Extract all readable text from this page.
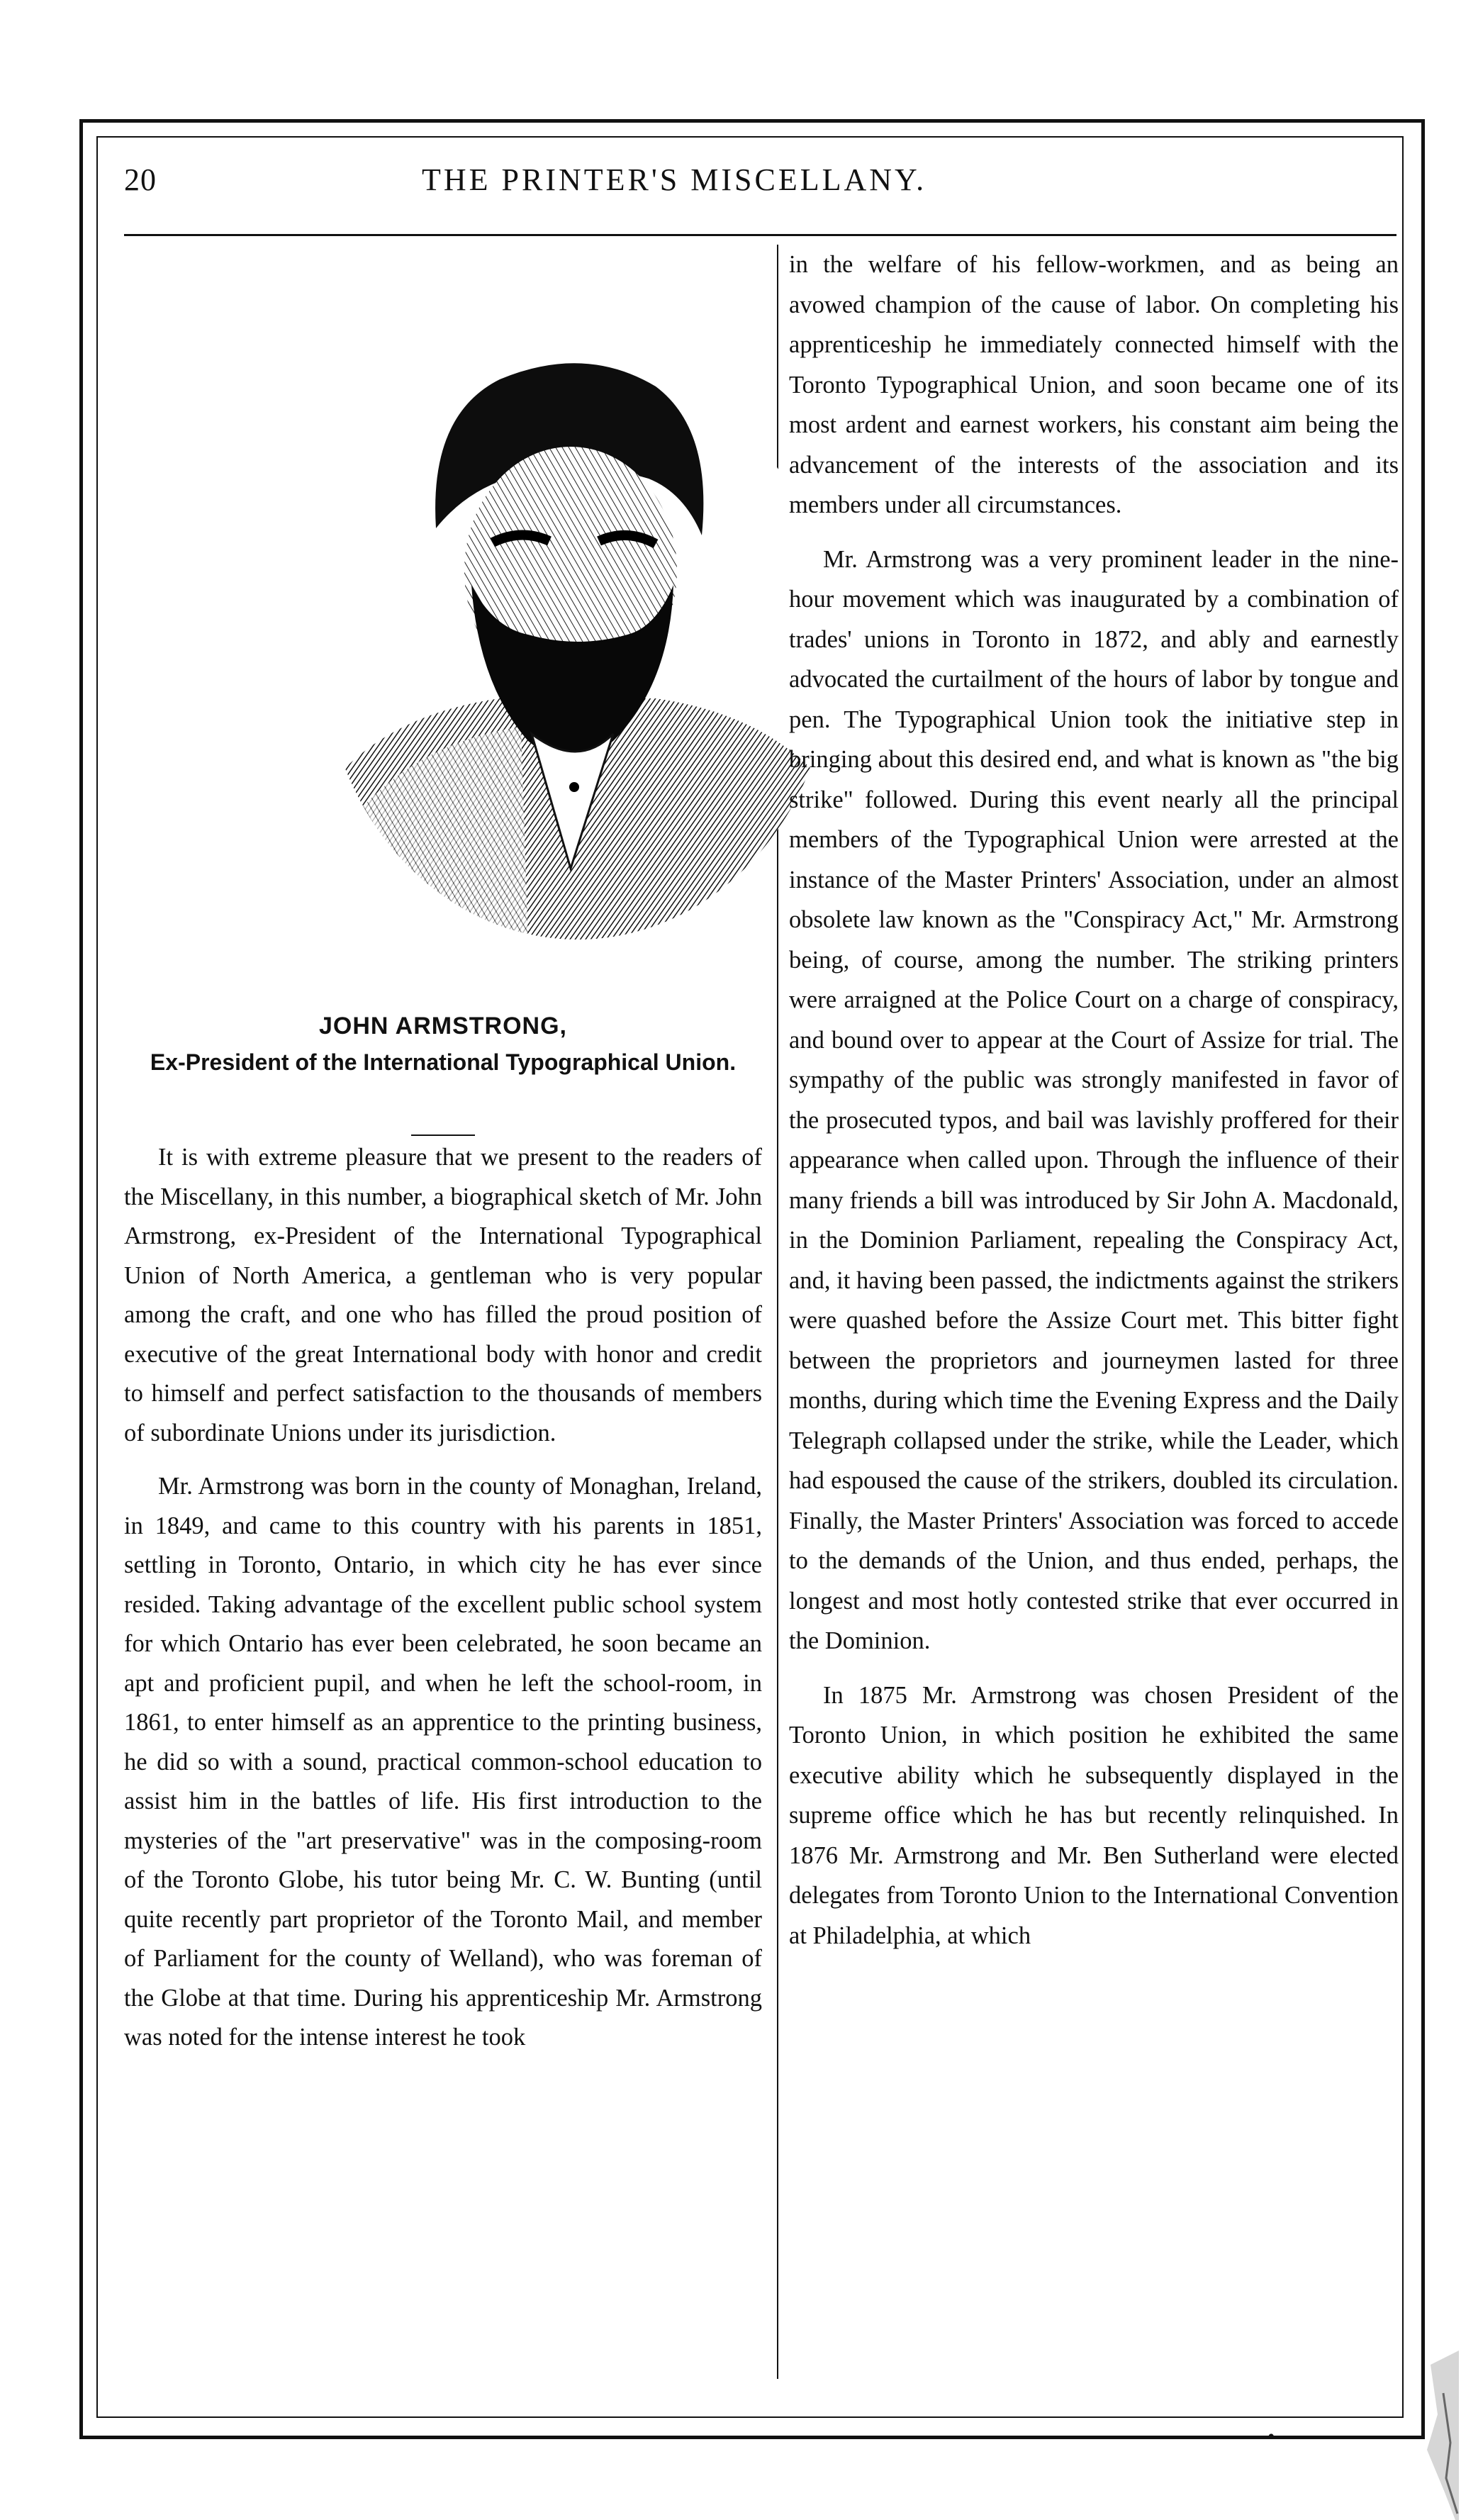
20	THE PRINTER'S MISCELLANY.
JOHN ARMSTRONG,
Ex-President of the International Typographical Union.

It is with extreme pleasure that we present to the readers of the Miscellany, in this number, a biographical sketch of Mr. John Armstrong, ex-President of the International Typographical Union of North America, a gentleman who is very popular among the craft, and one who has filled the proud position of executive of the great International body with honor and credit to himself and perfect satisfaction to the thousands of members of subordinate Unions under its jurisdiction.

Mr. Armstrong was born in the county of Monaghan, Ireland, in 1849, and came to this country with his parents in 1851, settling in Toronto, Ontario, in which city he has ever since resided. Taking advantage of the excellent public school system for which Ontario has ever been celebrated, he soon became an apt and proficient pupil, and when he left the school-room, in 1861, to enter himself as an apprentice to the printing business, he did so with a sound, practical common-school education to assist him in the battles of life. His first introduction to the mysteries of the "art preservative" was in the composing-room of the Toronto Globe, his tutor being Mr. C. W. Bunting (until quite recently part proprietor of the Toronto Mail, and member of Parliament for the county of Welland), who was foreman of the Globe at that time. During his apprenticeship Mr. Armstrong was noted for the intense interest he took

in the welfare of his fellow-workmen, and as being an avowed champion of the cause of labor. On completing his apprenticeship he immediately connected himself with the Toronto Typographical Union, and soon became one of its most ardent and earnest workers, his constant aim being the advancement of the interests of the association and its members under all circumstances.

Mr. Armstrong was a very prominent leader in the nine-hour movement which was inaugurated by a combination of trades' unions in Toronto in 1872, and ably and earnestly advocated the curtailment of the hours of labor by tongue and pen. The Typographical Union took the initiative step in bringing about this desired end, and what is known as "the big strike" followed. During this event nearly all the principal members of the Typographical Union were arrested at the instance of the Master Printers' Association, under an almost obsolete law known as the "Conspiracy Act," Mr. Armstrong being, of course, among the number. The striking printers were arraigned at the Police Court on a charge of conspiracy, and bound over to appear at the Court of Assize for trial. The sympathy of the public was strongly manifested in favor of the prosecuted typos, and bail was lavishly proffered for their appearance when called upon. Through the influence of their many friends a bill was introduced by Sir John A. Macdonald, in the Dominion Parliament, repealing the Conspiracy Act, and, it having been passed, the indictments against the strikers were quashed before the Assize Court met. This bitter fight between the proprietors and journeymen lasted for three months, during which time the Evening Express and the Daily Telegraph collapsed under the strike, while the Leader, which had espoused the cause of the strikers, doubled its circulation. Finally, the Master Printers' Association was forced to accede to the demands of the Union, and thus ended, perhaps, the longest and most hotly contested strike that ever occurred in the Dominion.

In 1875 Mr. Armstrong was chosen President of the Toronto Union, in which position he exhibited the same executive ability which he subsequently displayed in the supreme office which he has but recently relinquished. In 1876 Mr. Armstrong and Mr. Ben Sutherland were elected delegates from Toronto Union to the International Convention at Philadelphia, at which

•
